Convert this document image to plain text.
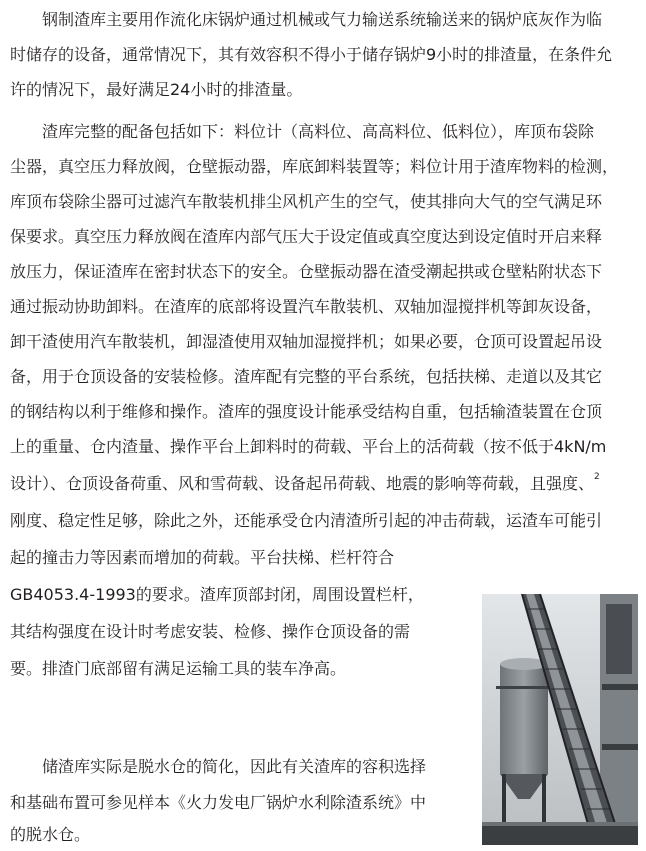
钢制渣库主要用作流化床锅炉通过机械或气力输送系统输送来的锅炉底灰作为临
时储存的设备，通常情况下，其有效容积不得小于储存锅炉9小时的排渣量，在条件允
许的情况下，最好满足24小时的排渣量。
渣库完整的配备包括如下：料位计（高料位、高高料位、低料位），库顶布袋除
尘器，真空压力释放阀，仓壁振动器，库底卸料装置等；料位计用于渣库物料的检测，
库顶布袋除尘器可过滤汽车散装机排尘风机产生的空气，使其排向大气的空气满足环
保要求。真空压力释放阀在渣库内部气压大于设定值或真空度达到设定值时开启来释
放压力，保证渣库在密封状态下的安全。仓壁振动器在渣受潮起拱或仓壁粘附状态下
通过振动协助卸料。在渣库的底部将设置汽车散装机、双轴加湿搅拌机等卸灰设备，
卸干渣使用汽车散装机，卸湿渣使用双轴加湿搅拌机；如果必要，仓顶可设置起吊设
备，用于仓顶设备的安装检修。渣库配有完整的平台系统，包括扶梯、走道以及其它
的钢结构以利于维修和操作。渣库的强度设计能承受结构自重，包括输渣装置在仓顶
上的重量、仓内渣量、操作平台上卸料时的荷载、平台上的活荷载（按不低于4kN/m
设计）、仓顶设备荷重、风和雪荷载、设备起吊荷载、地震的影响等荷载，且强度、$^2$
刚度、稳定性足够，除此之外，还能承受仓内清渣所引起的冲击荷载，运渣车可能引
起的撞击力等因素而增加的荷载。平台扶梯、栏杆符合
GB4053.4-1993的要求。渣库顶部封闭，周围设置栏杆，
其结构强度在设计时考虑安装、检修、操作仓顶设备的需
要。排渣门底部留有满足运输工具的装车净高。
储渣库实际是脱水仓的简化，因此有关渣库的容积选择
和基础布置可参见样本《火力发电厂锅炉水利除渣系统》中
的脱水仓。
